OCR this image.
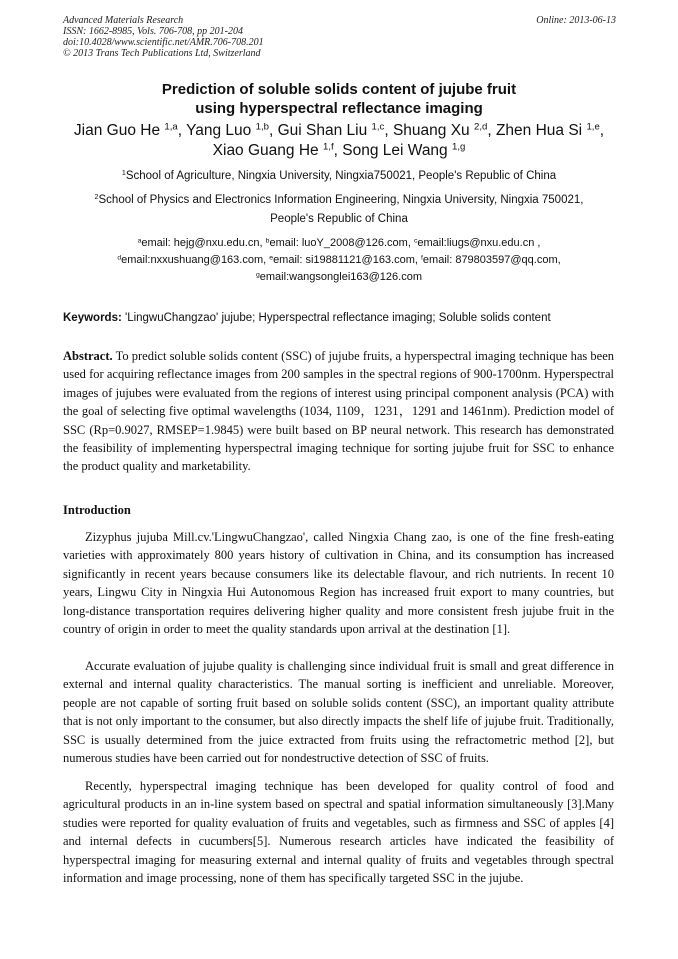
Advanced Materials Research
ISSN: 1662-8985, Vols. 706-708, pp 201-204
doi:10.4028/www.scientific.net/AMR.706-708.201
© 2013 Trans Tech Publications Ltd, Switzerland
Online: 2013-06-13
Prediction of soluble solids content of jujube fruit
using hyperspectral reflectance imaging
Jian Guo He $^{1,a}$, Yang Luo $^{1,b}$, Gui Shan Liu $^{1,c}$, Shuang Xu $^{2,d}$, Zhen Hua Si $^{1,e}$,
Xiao Guang He $^{1,f}$, Song Lei Wang $^{1,g}$
$^1$School of Agriculture, Ningxia University, Ningxia750021, People's Republic of China
$^2$School of Physics and Electronics Information Engineering, Ningxia University, Ningxia 750021,
People's Republic of China
$^a$email: hejg@nxu.edu.cn, $^b$email: luoY_2008@126.com, $^c$email:liugs@nxu.edu.cn ,
$^d$email:nxxushuang@163.com, $^e$email: si19881121@163.com, $^f$email: 879803597@qq.com,
$^g$email:wangsonglei163@126.com
Keywords: 'LingwuChangzao' jujube; Hyperspectral reflectance imaging; Soluble solids content
Abstract. To predict soluble solids content (SSC) of jujube fruits, a hyperspectral imaging technique has been used for acquiring reflectance images from 200 samples in the spectral regions of 900-1700nm. Hyperspectral images of jujubes were evaluated from the regions of interest using principal component analysis (PCA) with the goal of selecting five optimal wavelengths (1034, 1109，1231，1291 and 1461nm). Prediction model of SSC (Rp=0.9027, RMSEP=1.9845) were built based on BP neural network. This research has demonstrated the feasibility of implementing hyperspectral imaging technique for sorting jujube fruit for SSC to enhance the product quality and marketability.
Introduction
Zizyphus jujuba Mill.cv.'LingwuChangzao', called Ningxia Chang zao, is one of the fine fresh-eating varieties with approximately 800 years history of cultivation in China, and its consumption has increased significantly in recent years because consumers like its delectable flavour, and rich nutrients. In recent 10 years, Lingwu City in Ningxia Hui Autonomous Region has increased fruit export to many countries, but long-distance transportation requires delivering higher quality and more consistent fresh jujube fruit in the country of origin in order to meet the quality standards upon arrival at the destination [1].
Accurate evaluation of jujube quality is challenging since individual fruit is small and great difference in external and internal quality characteristics. The manual sorting is inefficient and unreliable. Moreover, people are not capable of sorting fruit based on soluble solids content (SSC), an important quality attribute that is not only important to the consumer, but also directly impacts the shelf life of jujube fruit. Traditionally, SSC is usually determined from the juice extracted from fruits using the refractometric method [2], but numerous studies have been carried out for nondestructive detection of SSC of fruits.
Recently, hyperspectral imaging technique has been developed for quality control of food and agricultural products in an in-line system based on spectral and spatial information simultaneously [3].Many studies were reported for quality evaluation of fruits and vegetables, such as firmness and SSC of apples [4] and internal defects in cucumbers[5]. Numerous research articles have indicated the feasibility of hyperspectral imaging for measuring external and internal quality of fruits and vegetables through spectral information and image processing, none of them has specifically targeted SSC in the jujube.
